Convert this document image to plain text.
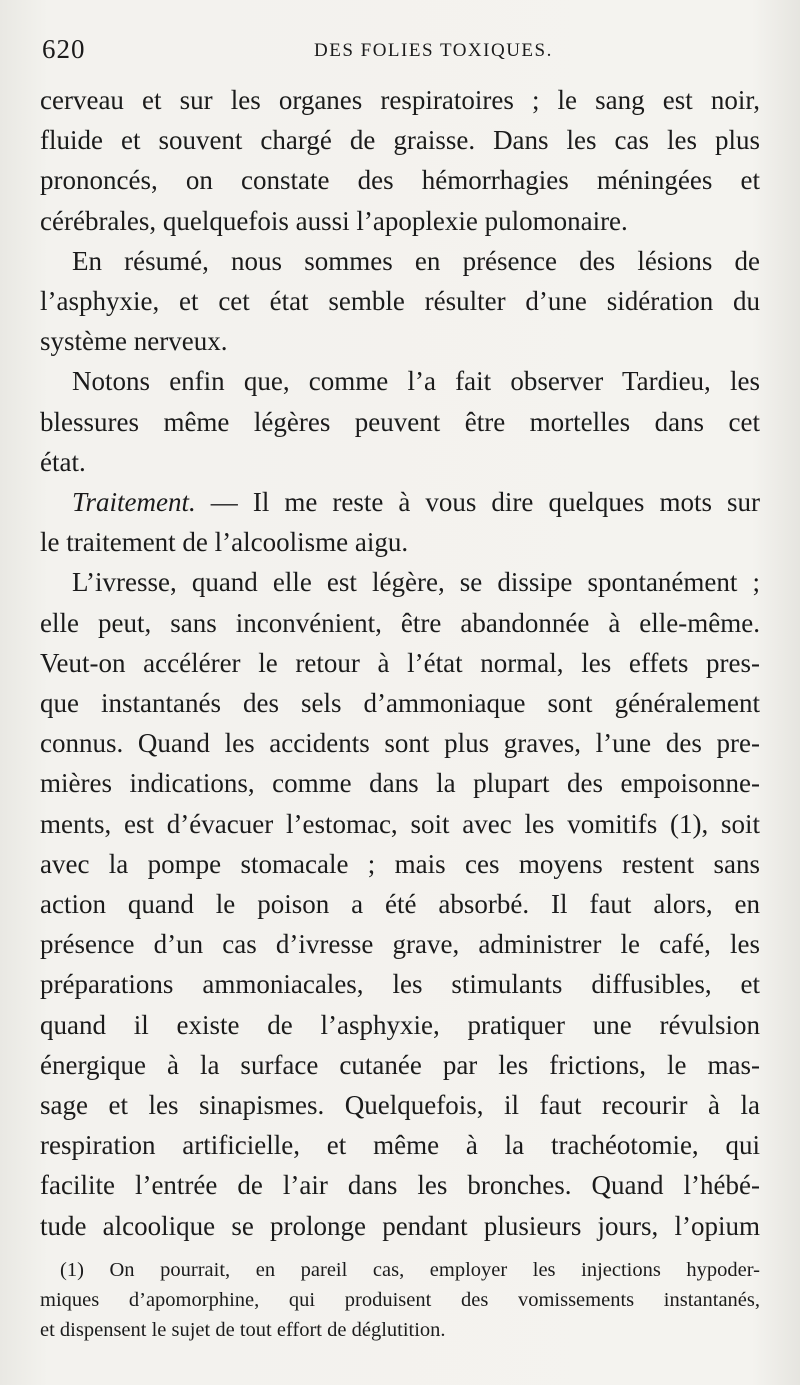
620	DES FOLIES TOXIQUES.

cerveau et sur les organes respiratoires ; le sang est noir,
fluide et souvent chargé de graisse. Dans les cas les plus
prononcés, on constate des hémorrhagies méningées et
cérébrales, quelquefois aussi l’apoplexie pulomonaire.

En résumé, nous sommes en présence des lésions de
l’asphyxie, et cet état semble résulter d’une sidération du
système nerveux.

Notons enfin que, comme l’a fait observer Tardieu, les
blessures même légères peuvent être mortelles dans cet
état.

Traitement. — Il me reste à vous dire quelques mots sur
le traitement de l’alcoolisme aigu.

L’ivresse, quand elle est légère, se dissipe spontanément ;
elle peut, sans inconvénient, être abandonnée à elle-même.
Veut-on accélérer le retour à l’état normal, les effets pres-
que instantanés des sels d’ammoniaque sont généralement
connus. Quand les accidents sont plus graves, l’une des pre-
mières indications, comme dans la plupart des empoisonne-
ments, est d’évacuer l’estomac, soit avec les vomitifs (1), soit
avec la pompe stomacale ; mais ces moyens restent sans
action quand le poison a été absorbé. Il faut alors, en
présence d’un cas d’ivresse grave, administrer le café, les
préparations ammoniacales, les stimulants diffusibles, et
quand il existe de l’asphyxie, pratiquer une révulsion
énergique à la surface cutanée par les frictions, le mas-
sage et les sinapismes. Quelquefois, il faut recourir à la
respiration artificielle, et même à la trachéotomie, qui
facilite l’entrée de l’air dans les bronches. Quand l’hébé-
tude alcoolique se prolonge pendant plusieurs jours, l’opium

(1) On pourrait, en pareil cas, employer les injections hypoder-
miques d’apomorphine, qui produisent des vomissements instantanés,
et dispensent le sujet de tout effort de déglutition.
